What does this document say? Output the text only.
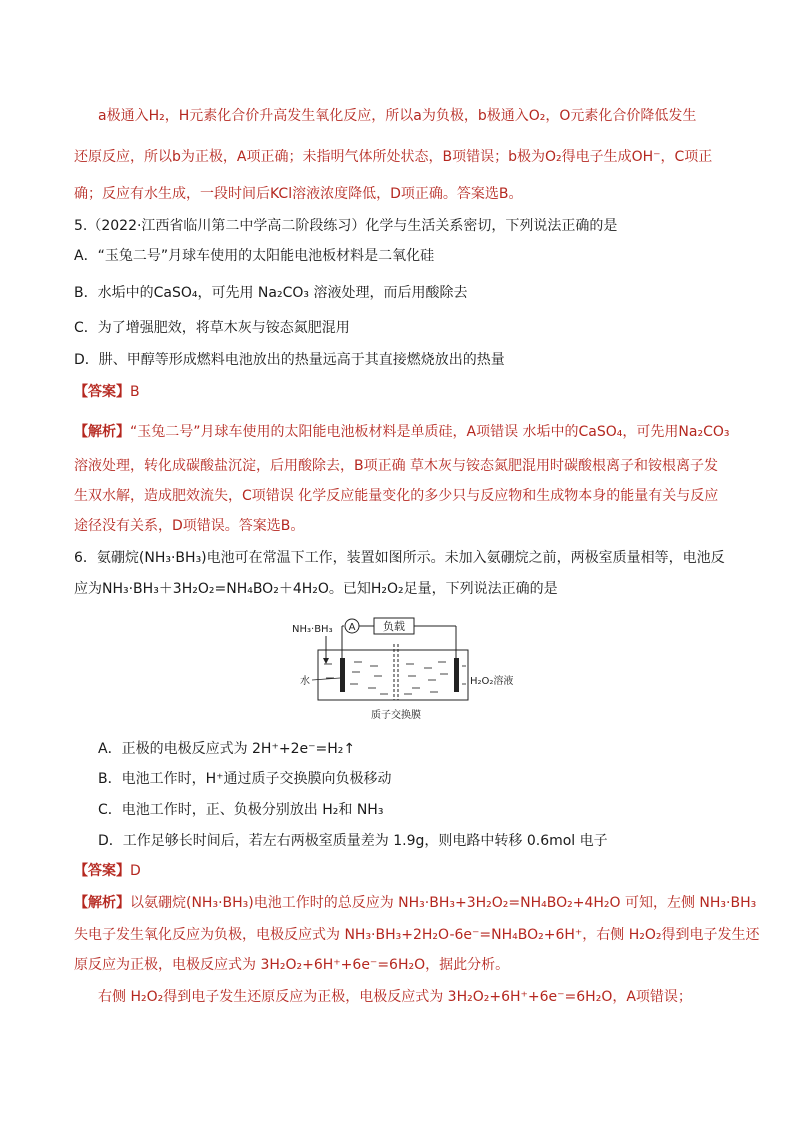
a极通入H₂，H元素化合价升高发生氧化反应，所以a为负极，b极通入O₂，O元素化合价降低发生
还原反应，所以b为正极，A项正确；未指明气体所处状态，B项错误；b极为O₂得电子生成OH⁻，C项正
确；反应有水生成，一段时间后KCl溶液浓度降低，D项正确。答案选B。
5.（2022·江西省临川第二中学高二阶段练习）化学与生活关系密切，下列说法正确的是
A．“玉兔二号”月球车使用的太阳能电池板材料是二氧化硅
B．水垢中的CaSO₄，可先用 Na₂CO₃ 溶液处理，而后用酸除去
C．为了增强肥效，将草木灰与铵态氮肥混用
D．肼、甲醇等形成燃料电池放出的热量远高于其直接燃烧放出的热量
【答案】B
【解析】“玉兔二号”月球车使用的太阳能电池板材料是单质硅，A项错误 水垢中的CaSO₄，可先用Na₂CO₃
溶液处理，转化成碳酸盐沉淀，后用酸除去，B项正确 草木灰与铵态氮肥混用时碳酸根离子和铵根离子发
生双水解，造成肥效流失，C项错误 化学反应能量变化的多少只与反应物和生成物本身的能量有关与反应
途径没有关系，D项错误。答案选B。
6．氨硼烷(NH₃·BH₃)电池可在常温下工作，装置如图所示。未加入氨硼烷之前，两极室质量相等，电池反
应为NH₃·BH₃＋3H₂O₂=NH₄BO₂＋4H₂O。已知H₂O₂足量，下列说法正确的是
A	负载
NH₃·BH₃
水	H₂O₂溶液
质子交换膜
A．正极的电极反应式为 2H⁺+2e⁻=H₂↑
B．电池工作时，H⁺通过质子交换膜向负极移动
C．电池工作时，正、负极分别放出 H₂和 NH₃
D．工作足够长时间后，若左右两极室质量差为 1.9g，则电路中转移 0.6mol 电子
【答案】D
【解析】以氨硼烷(NH₃·BH₃)电池工作时的总反应为 NH₃·BH₃+3H₂O₂=NH₄BO₂+4H₂O 可知，左侧 NH₃·BH₃
失电子发生氧化反应为负极，电极反应式为 NH₃·BH₃+2H₂O-6e⁻=NH₄BO₂+6H⁺，右侧 H₂O₂得到电子发生还
原反应为正极，电极反应式为 3H₂O₂+6H⁺+6e⁻=6H₂O，据此分析。
右侧 H₂O₂得到电子发生还原反应为正极，电极反应式为 3H₂O₂+6H⁺+6e⁻=6H₂O，A项错误；
